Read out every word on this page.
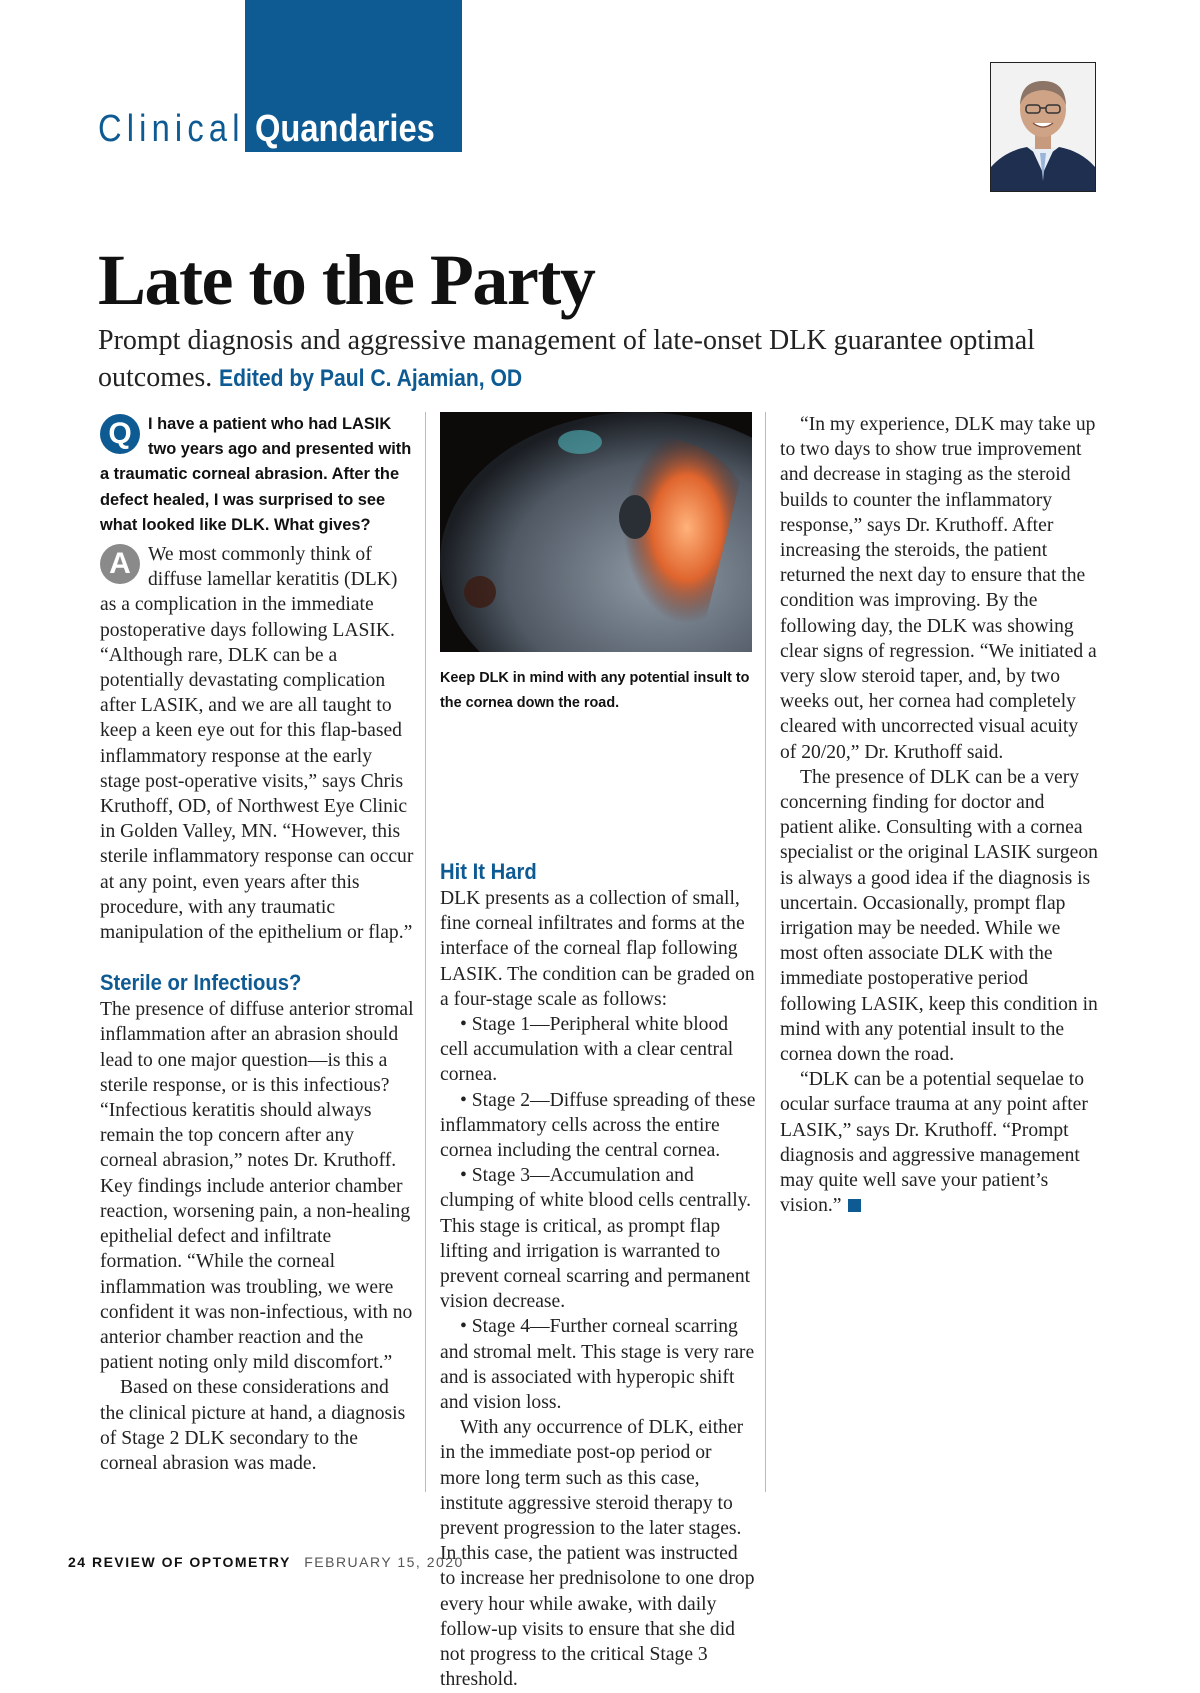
Clinical Quandaries
Late to the Party
Prompt diagnosis and aggressive management of late-onset DLK guarantee optimal outcomes. Edited by Paul C. Ajamian, OD
Q I have a patient who had LASIK two years ago and presented with a traumatic corneal abrasion. After the defect healed, I was surprised to see what looked like DLK. What gives?

A We most commonly think of diffuse lamellar keratitis (DLK) as a complication in the immediate postoperative days following LASIK. “Although rare, DLK can be a potentially devastating complication after LASIK, and we are all taught to keep a keen eye out for this flap-based inflammatory response at the early stage post-operative visits,” says Chris Kruthoff, OD, of Northwest Eye Clinic in Golden Valley, MN. “However, this sterile inflammatory response can occur at any point, even years after this procedure, with any traumatic manipulation of the epithelium or flap.”

Sterile or Infectious?

The presence of diffuse anterior stromal inflammation after an abrasion should lead to one major question—is this a sterile response, or is this infectious? “Infectious keratitis should always remain the top concern after any corneal abrasion,” notes Dr. Kruthoff. Key findings include anterior chamber reaction, worsening pain, a non-healing epithelial defect and infiltrate formation. “While the corneal inflammation was troubling, we were confident it was non-infectious, with no anterior chamber reaction and the patient noting only mild discomfort.”

Based on these considerations and the clinical picture at hand, a diagnosis of Stage 2 DLK secondary to the corneal abrasion was made.

Keep DLK in mind with any potential insult to the cornea down the road.

Hit It Hard

DLK presents as a collection of small, fine corneal infiltrates and forms at the interface of the corneal flap following LASIK. The condition can be graded on a four-stage scale as follows:

• Stage 1—Peripheral white blood cell accumulation with a clear central cornea.

• Stage 2—Diffuse spreading of these inflammatory cells across the entire cornea including the central cornea.

• Stage 3—Accumulation and clumping of white blood cells centrally. This stage is critical, as prompt flap lifting and irrigation is warranted to prevent corneal scarring and permanent vision decrease.

• Stage 4—Further corneal scarring and stromal melt. This stage is very rare and is associated with hyperopic shift and vision loss.

With any occurrence of DLK, either in the immediate post-op period or more long term such as this case, institute aggressive steroid therapy to prevent progression to the later stages. In this case, the patient was instructed to increase her prednisolone to one drop every hour while awake, with daily follow-up visits to ensure that she did not progress to the critical Stage 3 threshold.

“In my experience, DLK may take up to two days to show true improvement and decrease in staging as the steroid builds to counter the inflammatory response,” says Dr. Kruthoff. After increasing the steroids, the patient returned the next day to ensure that the condition was improving. By the following day, the DLK was showing clear signs of regression. “We initiated a very slow steroid taper, and, by two weeks out, her cornea had completely cleared with uncorrected visual acuity of 20/20,” Dr. Kruthoff said.

The presence of DLK can be a very concerning finding for doctor and patient alike. Consulting with a cornea specialist or the original LASIK surgeon is always a good idea if the diagnosis is uncertain. Occasionally, prompt flap irrigation may be needed. While we most often associate DLK with the immediate postoperative period following LASIK, keep this condition in mind with any potential insult to the cornea down the road.

“DLK can be a potential sequelae to ocular surface trauma at any point after LASIK,” says Dr. Kruthoff. “Prompt diagnosis and aggressive management may quite well save your patient’s vision.”

24 REVIEW OF OPTOMETRY FEBRUARY 15, 2020
